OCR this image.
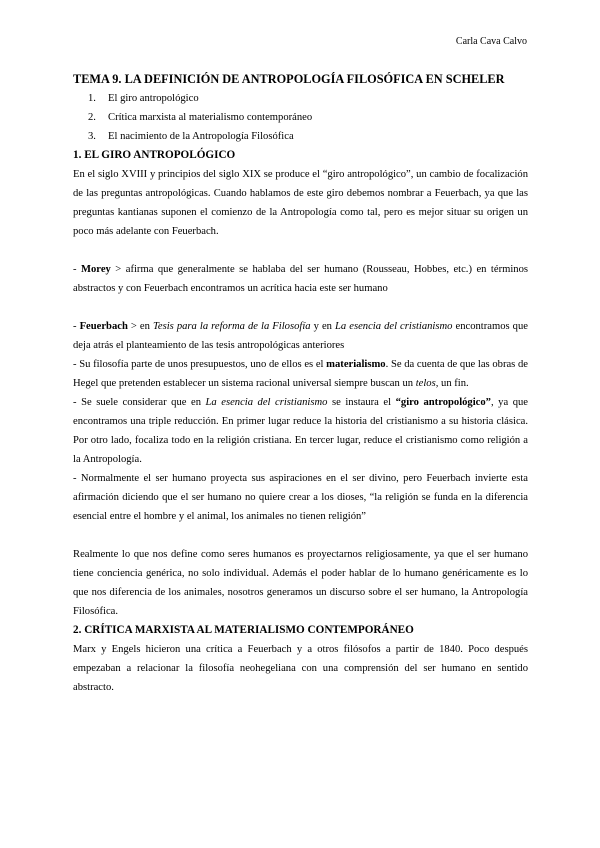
Carla Cava Calvo
TEMA 9. LA DEFINICIÓN DE ANTROPOLOGÍA FILOSÓFICA EN SCHELER
1.	El giro antropológico
2.	Crítica marxista al materialismo contemporáneo
3.	El nacimiento de la Antropología Filosófica
1. EL GIRO ANTROPOLÓGICO

En el siglo XVIII y principios del siglo XIX se produce el “giro antropológico”, un cambio de focalización de las preguntas antropológicas. Cuando hablamos de este giro debemos nombrar a Feuerbach, ya que las preguntas kantianas suponen el comienzo de la Antropología como tal, pero es mejor situar su origen un poco más adelante con Feuerbach.

- Morey > afirma que generalmente se hablaba del ser humano (Rousseau, Hobbes, etc.) en términos abstractos y con Feuerbach encontramos un acrítica hacia este ser humano

- Feuerbach > en Tesis para la reforma de la Filosofía y en La esencia del cristianismo encontramos que deja atrás el planteamiento de las tesis antropológicas anteriores

- Su filosofía parte de unos presupuestos, uno de ellos es el materialismo. Se da cuenta de que las obras de Hegel que pretenden establecer un sistema racional universal siempre buscan un telos, un fin.

- Se suele considerar que en La esencia del cristianismo se instaura el “giro antropológico”, ya que encontramos una triple reducción. En primer lugar reduce la historia del cristianismo a su historia clásica. Por otro lado, focaliza todo en la religión cristiana. En tercer lugar, reduce el cristianismo como religión a la Antropología.

- Normalmente el ser humano proyecta sus aspiraciones en el ser divino, pero Feuerbach invierte esta afirmación diciendo que el ser humano no quiere crear a los dioses, “la religión se funda en la diferencia esencial entre el hombre y el animal, los animales no tienen religión”

Realmente lo que nos define como seres humanos es proyectarnos religiosamente, ya que el ser humano tiene conciencia genérica, no solo individual. Además el poder hablar de lo humano genéricamente es lo que nos diferencia de los animales, nosotros generamos un discurso sobre el ser humano, la Antropología Filosófica.

2. CRÍTICA MARXISTA AL MATERIALISMO CONTEMPORÁNEO

Marx y Engels hicieron una crítica a Feuerbach y a otros filósofos a partir de 1840. Poco después empezaban a relacionar la filosofía neohegeliana con una comprensión del ser humano en sentido abstracto.
